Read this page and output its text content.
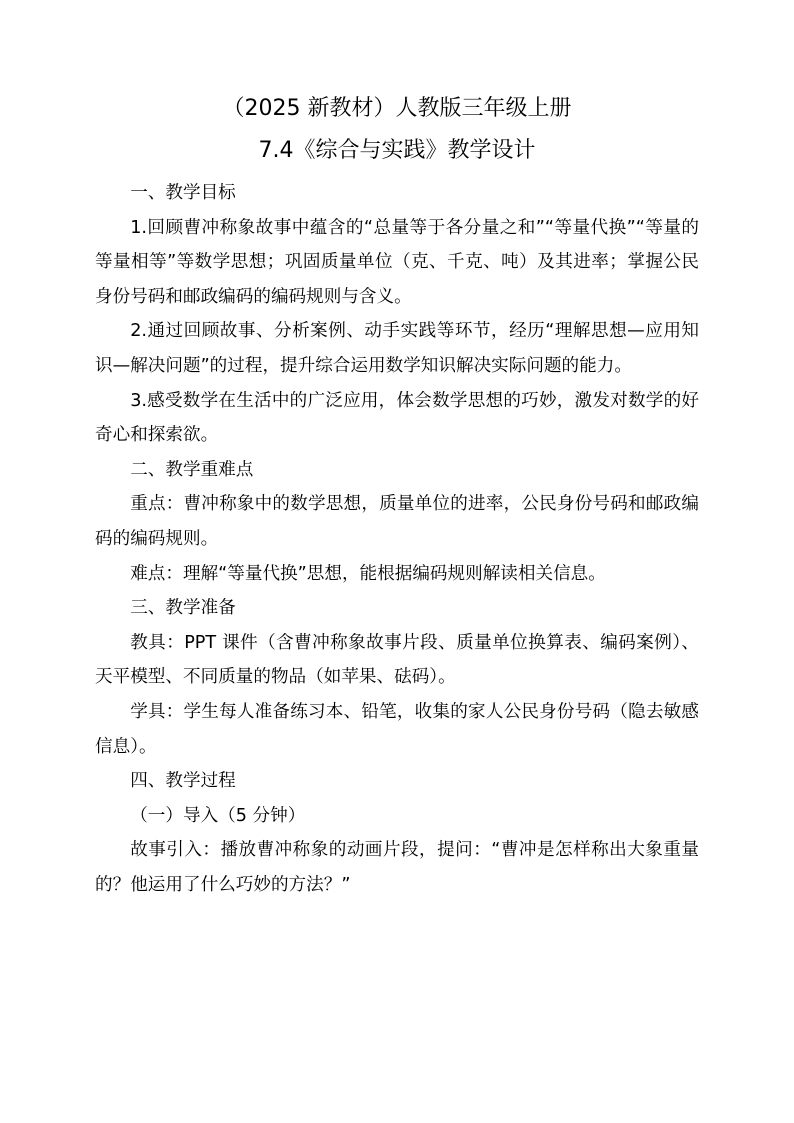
（2025 新教材）人教版三年级上册
7.4《综合与实践》教学设计

一、教学目标

1.回顾曹冲称象故事中蕴含的“总量等于各分量之和”“等量代换”“等量的等量相等”等数学思想；巩固质量单位（克、千克、吨）及其进率；掌握公民身份号码和邮政编码的编码规则与含义。

2.通过回顾故事、分析案例、动手实践等环节，经历“理解思想—应用知识—解决问题”的过程，提升综合运用数学知识解决实际问题的能力。

3.感受数学在生活中的广泛应用，体会数学思想的巧妙，激发对数学的好奇心和探索欲。

二、教学重难点

重点：曹冲称象中的数学思想，质量单位的进率，公民身份号码和邮政编码的编码规则。

难点：理解“等量代换”思想，能根据编码规则解读相关信息。

三、教学准备

教具：PPT 课件（含曹冲称象故事片段、质量单位换算表、编码案例）、天平模型、不同质量的物品（如苹果、砝码）。

学具：学生每人准备练习本、铅笔，收集的家人公民身份号码（隐去敏感信息）。

四、教学过程

（一）导入（5 分钟）

故事引入：播放曹冲称象的动画片段，提问：“曹冲是怎样称出大象重量的？他运用了什么巧妙的方法？”
